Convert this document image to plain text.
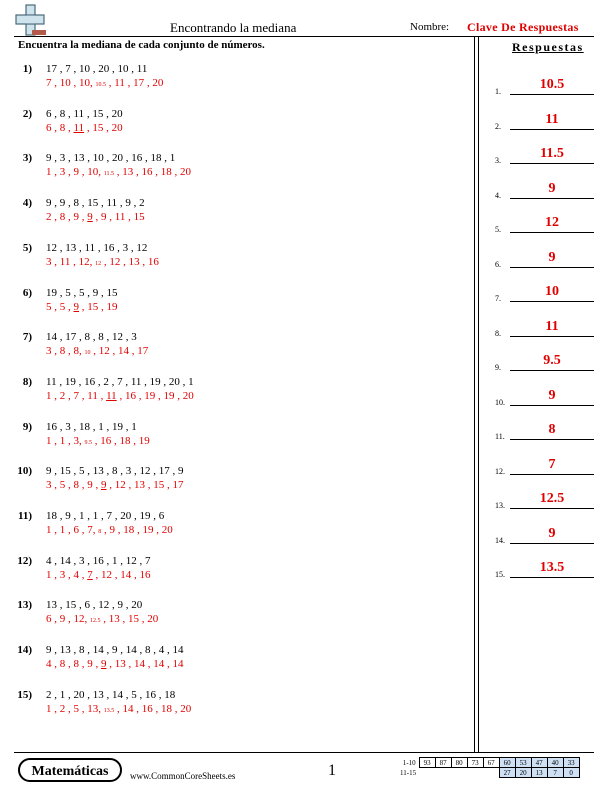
Encontrando la mediana	Nombre: Clave De Respuestas
Encuentra la mediana de cada conjunto de números.	Respuestas
1) 17 , 7 , 10 , 20 , 10 , 11
7 , 10 , 10, 10.5 , 11 , 17 , 20
2) 6 , 8 , 11 , 15 , 20
6 , 8 , 11 , 15 , 20
3) 9 , 3 , 13 , 10 , 20 , 16 , 18 , 1
1 , 3 , 9 , 10, 11.5 , 13 , 16 , 18 , 20
4) 9 , 9 , 8 , 15 , 11 , 9 , 2
2 , 8 , 9 , 9 , 9 , 11 , 15
5) 12 , 13 , 11 , 16 , 3 , 12
3 , 11 , 12, 12 , 12 , 13 , 16
6) 19 , 5 , 5 , 9 , 15
5 , 5 , 9 , 15 , 19
7) 14 , 17 , 8 , 8 , 12 , 3
3 , 8 , 8, 10 , 12 , 14 , 17
8) 11 , 19 , 16 , 2 , 7 , 11 , 19 , 20 , 1
1 , 2 , 7 , 11 , 11 , 16 , 19 , 19 , 20
9) 16 , 3 , 18 , 1 , 19 , 1
1 , 1 , 3, 9.5 , 16 , 18 , 19
10) 9 , 15 , 5 , 13 , 8 , 3 , 12 , 17 , 9
3 , 5 , 8 , 9 , 9 , 12 , 13 , 15 , 17
11) 18 , 9 , 1 , 1 , 7 , 20 , 19 , 6
1 , 1 , 6 , 7, 8 , 9 , 18 , 19 , 20
12) 4 , 14 , 3 , 16 , 1 , 12 , 7
1 , 3 , 4 , 7 , 12 , 14 , 16
13) 13 , 15 , 6 , 12 , 9 , 20
6 , 9 , 12, 12.5 , 13 , 15 , 20
14) 9 , 13 , 8 , 14 , 9 , 14 , 8 , 4 , 14
4 , 8 , 8 , 9 , 9 , 13 , 14 , 14 , 14
15) 2 , 1 , 20 , 13 , 14 , 5 , 16 , 18
1 , 2 , 5 , 13, 13.5 , 14 , 16 , 18 , 20
1.	10.5
2.	11
3.	11.5
4.	9
5.	12
6.	9
7.	10
8.	11
9.	9.5
10.	9
11.	8
12.	7
13.	12.5
14.	9
15.	13.5
Matemáticas	www.CommonCoreSheets.es	1	1-10	93	87	80	73	67	60	53	47	40	33
11-15						27	20	13	7	0
